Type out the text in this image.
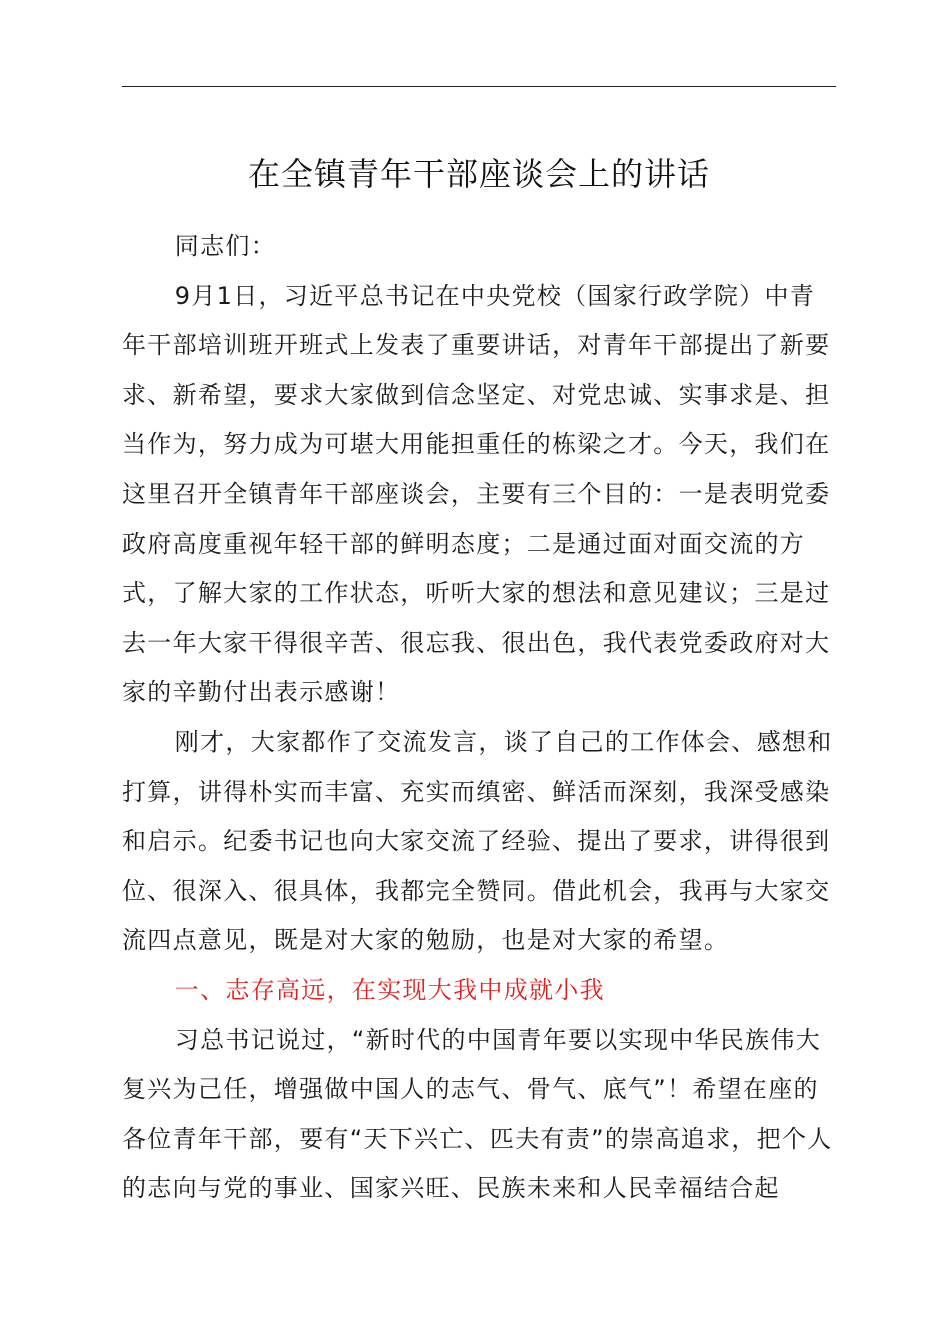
在全镇青年干部座谈会上的讲话

同志们：

9月1日，习近平总书记在中央党校（国家行政学院）中青年干部培训班开班式上发表了重要讲话，对青年干部提出了新要求、新希望，要求大家做到信念坚定、对党忠诚、实事求是、担当作为，努力成为可堪大用能担重任的栋梁之才。今天，我们在这里召开全镇青年干部座谈会，主要有三个目的：一是表明党委政府高度重视年轻干部的鲜明态度；二是通过面对面交流的方式，了解大家的工作状态，听听大家的想法和意见建议；三是过去一年大家干得很辛苦、很忘我、很出色，我代表党委政府对大家的辛勤付出表示感谢！

刚才，大家都作了交流发言，谈了自己的工作体会、感想和打算，讲得朴实而丰富、充实而缜密、鲜活而深刻，我深受感染和启示。纪委书记也向大家交流了经验、提出了要求，讲得很到位、很深入、很具体，我都完全赞同。借此机会，我再与大家交流四点意见，既是对大家的勉励，也是对大家的希望。

一、志存高远，在实现大我中成就小我

习总书记说过，“新时代的中国青年要以实现中华民族伟大复兴为己任，增强做中国人的志气、骨气、底气”！希望在座的各位青年干部，要有“天下兴亡、匹夫有责”的崇高追求，把个人的志向与党的事业、国家兴旺、民族未来和人民幸福结合起
